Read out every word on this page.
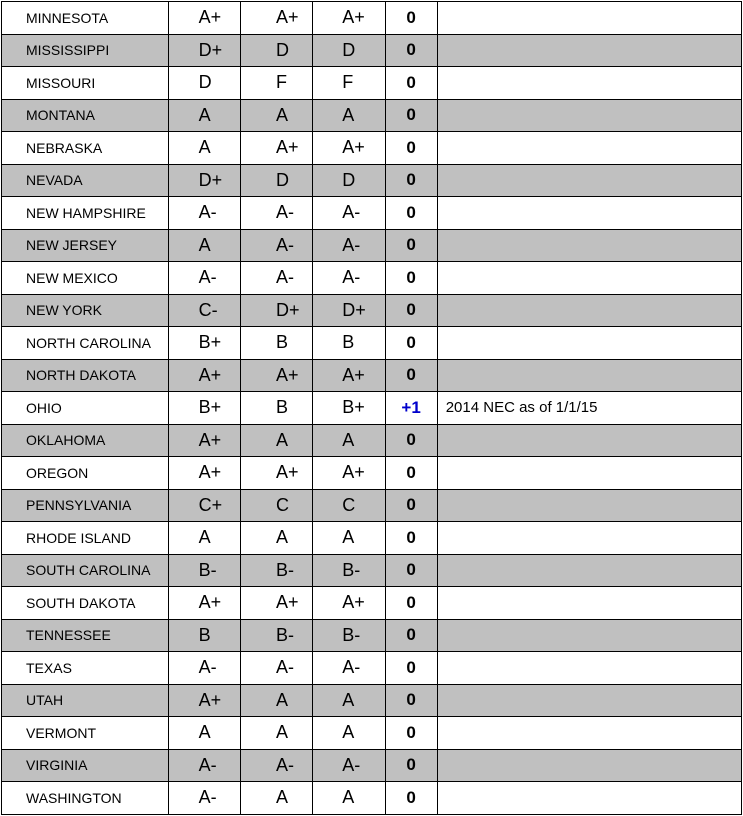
MINNESOTA	A+	A+	A+	0	
MISSISSIPPI	D+	D	D	0	
MISSOURI	D	F	F	0	
MONTANA	A	A	A	0	
NEBRASKA	A	A+	A+	0	
NEVADA	D+	D	D	0	
NEW HAMPSHIRE	A-	A-	A-	0	
NEW JERSEY	A	A-	A-	0	
NEW MEXICO	A-	A-	A-	0	
NEW YORK	C-	D+	D+	0	
NORTH CAROLINA	B+	B	B	0	
NORTH DAKOTA	A+	A+	A+	0	
OHIO	B+	B	B+	+1	2014 NEC as of 1/1/15
OKLAHOMA	A+	A	A	0	
OREGON	A+	A+	A+	0	
PENNSYLVANIA	C+	C	C	0	
RHODE ISLAND	A	A	A	0	
SOUTH CAROLINA	B-	B-	B-	0	
SOUTH DAKOTA	A+	A+	A+	0	
TENNESSEE	B	B-	B-	0	
TEXAS	A-	A-	A-	0	
UTAH	A+	A	A	0	
VERMONT	A	A	A	0	
VIRGINIA	A-	A-	A-	0	
WASHINGTON	A-	A	A	0	
